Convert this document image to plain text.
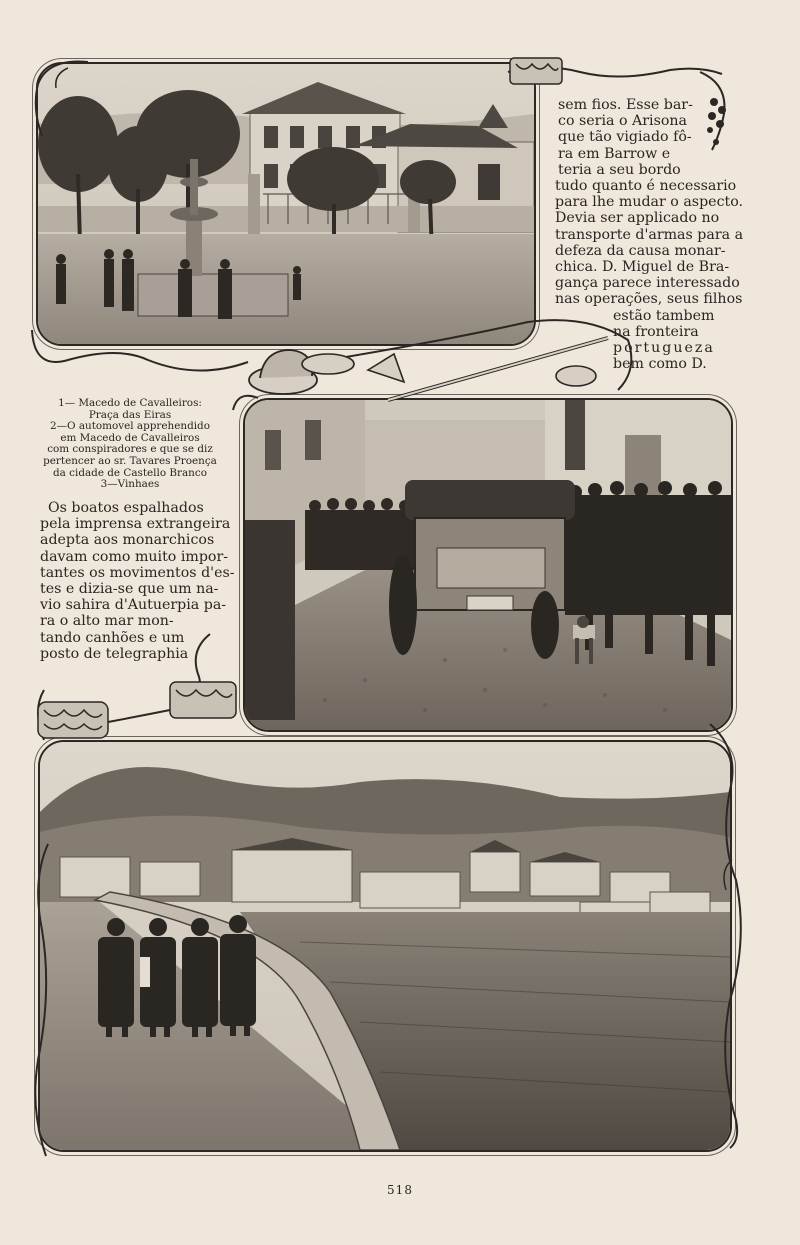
sem fios. Esse bar-
co seria o Arisona
que tão vigiado fô-
ra em Barrow e
teria a seu bordo
tudo quanto é necessario
para lhe mudar o aspecto.
Devia ser applicado no
transporte d'armas para a
defeza da causa monar-
chica. D. Miguel de Bra-
gança parece interessado
nas operações, seus filhos
estão tambem
na fronteira
portugueza
bem como D.
1— Macedo de Cavalleiros:
Praça das Eiras
2—O automovel apprehendido
em Macedo de Cavalleiros
com conspiradores e que se diz
pertencer ao sr. Tavares Proença
da cidade de Castello Branco
3—Vinhaes
Os boatos espalhados
pela imprensa extrangeira
adepta aos monarchicos
davam como muito impor-
tantes os movimentos d'es-
tes e dizia-se que um na-
vio sahira d'Autuerpia pa-
ra o alto mar mon-
tando canhões e um
posto de telegraphia
518
